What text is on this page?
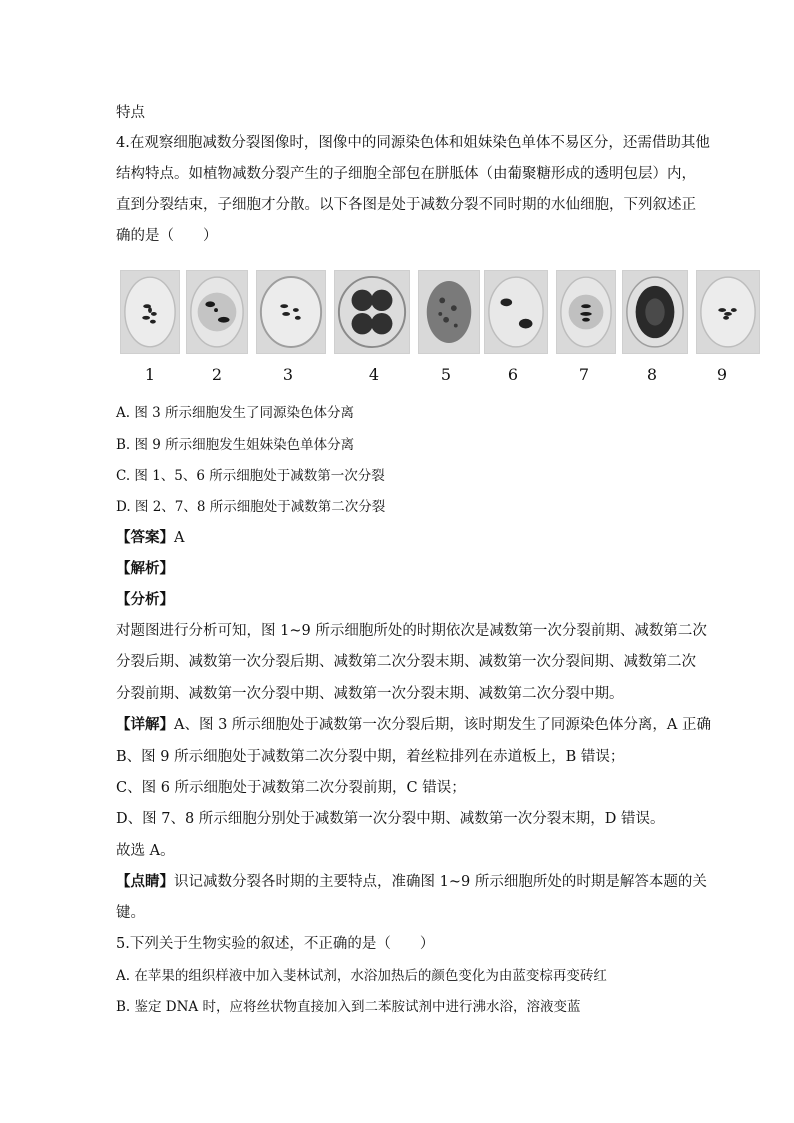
特点
4.在观察细胞减数分裂图像时，图像中的同源染色体和姐妹染色单体不易区分，还需借助其他
结构特点。如植物减数分裂产生的子细胞全部包在胼胝体（由葡聚糖形成的透明包层）内，
直到分裂结束，子细胞才分散。以下各图是处于减数分裂不同时期的水仙细胞，下列叙述正
确的是（　　）
1	2	3	4	5	6	7	8	9
A. 图 3 所示细胞发生了同源染色体分离
B. 图 9 所示细胞发生姐妹染色单体分离
C. 图 1、5、6 所示细胞处于减数第一次分裂
D. 图 2、7、8 所示细胞处于减数第二次分裂
【答案】A
【解析】
【分析】
对题图进行分析可知，图 1~9 所示细胞所处的时期依次是减数第一次分裂前期、减数第二次
分裂后期、减数第一次分裂后期、减数第二次分裂末期、减数第一次分裂间期、减数第二次
分裂前期、减数第一次分裂中期、减数第一次分裂末期、减数第二次分裂中期。
【详解】A、图 3 所示细胞处于减数第一次分裂后期，该时期发生了同源染色体分离，A 正确
B、图 9 所示细胞处于减数第二次分裂中期，着丝粒排列在赤道板上，B 错误；
C、图 6 所示细胞处于减数第二次分裂前期，C 错误；
D、图 7、8 所示细胞分别处于减数第一次分裂中期、减数第一次分裂末期，D 错误。
故选 A。
【点睛】识记减数分裂各时期的主要特点，准确图 1~9 所示细胞所处的时期是解答本题的关
键。
5.下列关于生物实验的叙述，不正确的是（　　）
A. 在苹果的组织样液中加入斐林试剂，水浴加热后的颜色变化为由蓝变棕再变砖红
B. 鉴定 DNA 时，应将丝状物直接加入到二苯胺试剂中进行沸水浴，溶液变蓝
